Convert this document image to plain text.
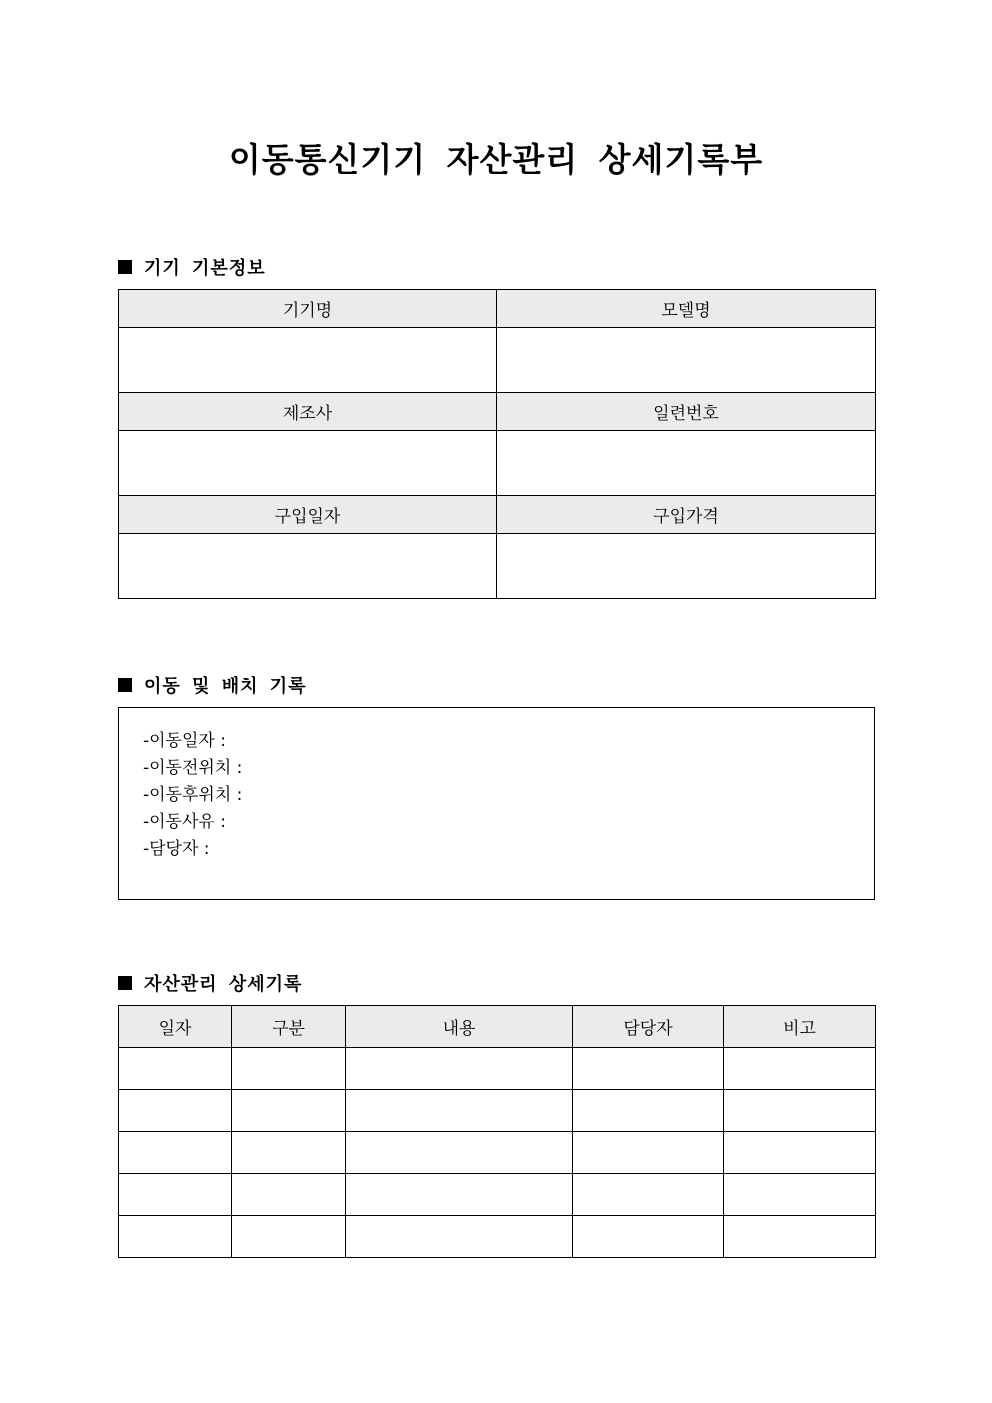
이동통신기기 자산관리 상세기록부
기기 기본정보
기기명	모델명

제조사	일련번호

구입일자	구입가격

이동 및 배치 기록
-이동일자 :
-이동전위치 :
-이동후위치 :
-이동사유 :
-담당자 :
자산관리 상세기록
일자	구분	내용	담당자	비고
